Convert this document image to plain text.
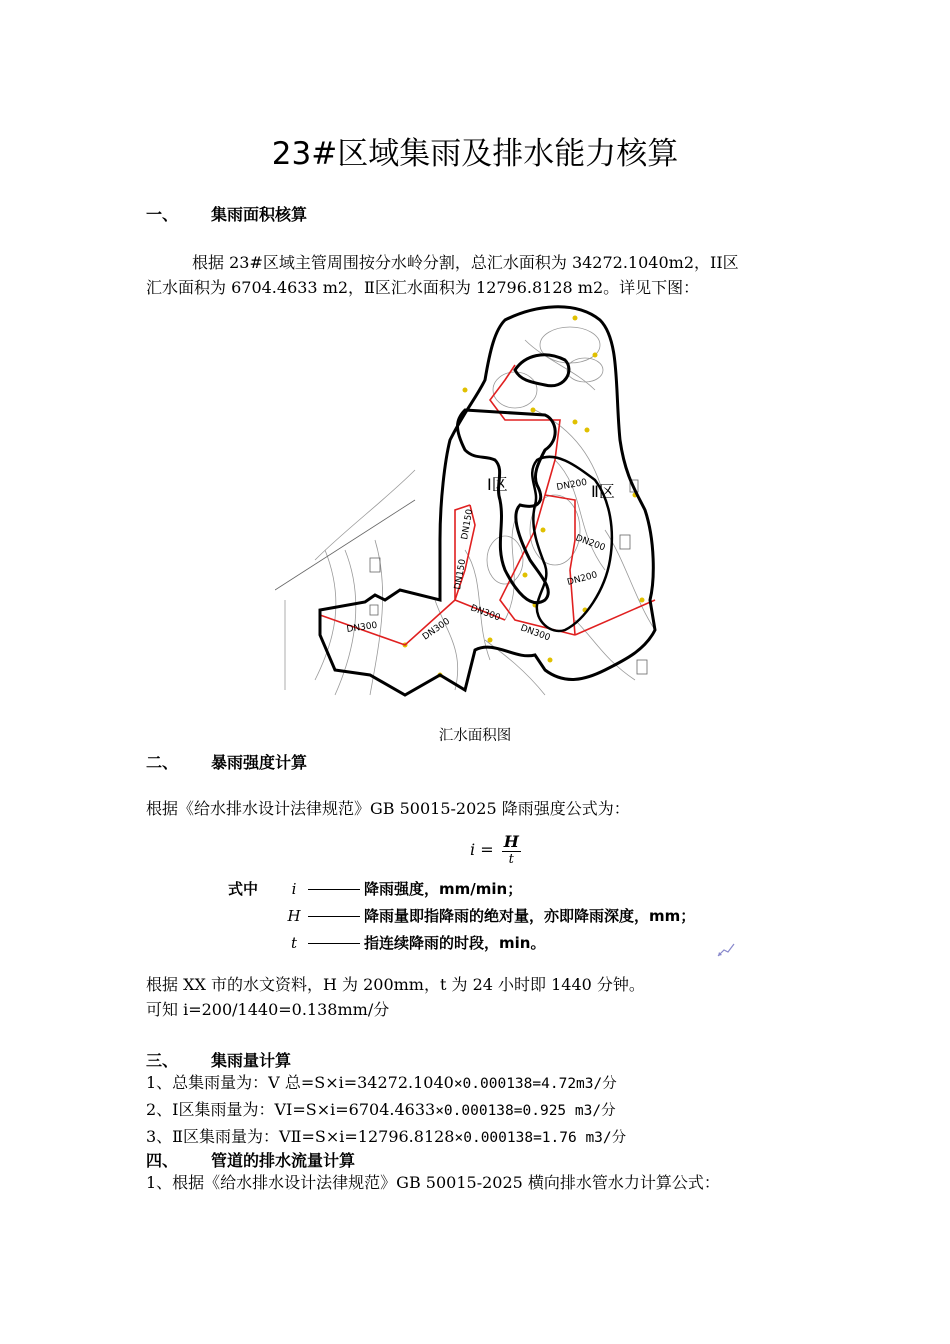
23#区域集雨及排水能力核算
一、 集雨面积核算
根据 23#区域主管周围按分水岭分割，总汇水面积为 34272.1040m2，ⅠⅠ区
汇水面积为 6704.4633 m2，Ⅱ区汇水面积为 12796.8128 m2。详见下图：
Ⅰ区	Ⅱ区
DN150
DN150
DN200
DN200
DN200
DN300	DN300
DN300
DN300
汇水面积图
二、 暴雨强度计算
根据《给水排水设计法律规范》GB 50015-2025 降雨强度公式为：
i = H
t
式中 i	降雨强度，mm/min；
H	降雨量即指降雨的绝对量，亦即降雨深度，mm；
t	指连续降雨的时段，min。
根据 XX 市的水文资料，H 为 200mm，t 为 24 小时即 1440 分钟。
可知 i=200/1440=0.138mm/分
三、 集雨量计算
1、总集雨量为：V 总=S×i=34272.1040×0.000138=4.72m3/分
2、Ⅰ区集雨量为：VⅠ=S×i=6704.4633×0.000138=0.925 m3/分
3、Ⅱ区集雨量为：VⅡ=S×i=12796.8128×0.000138=1.76 m3/分
四、 管道的排水流量计算
1、根据《给水排水设计法律规范》GB 50015-2025 横向排水管水力计算公式：
